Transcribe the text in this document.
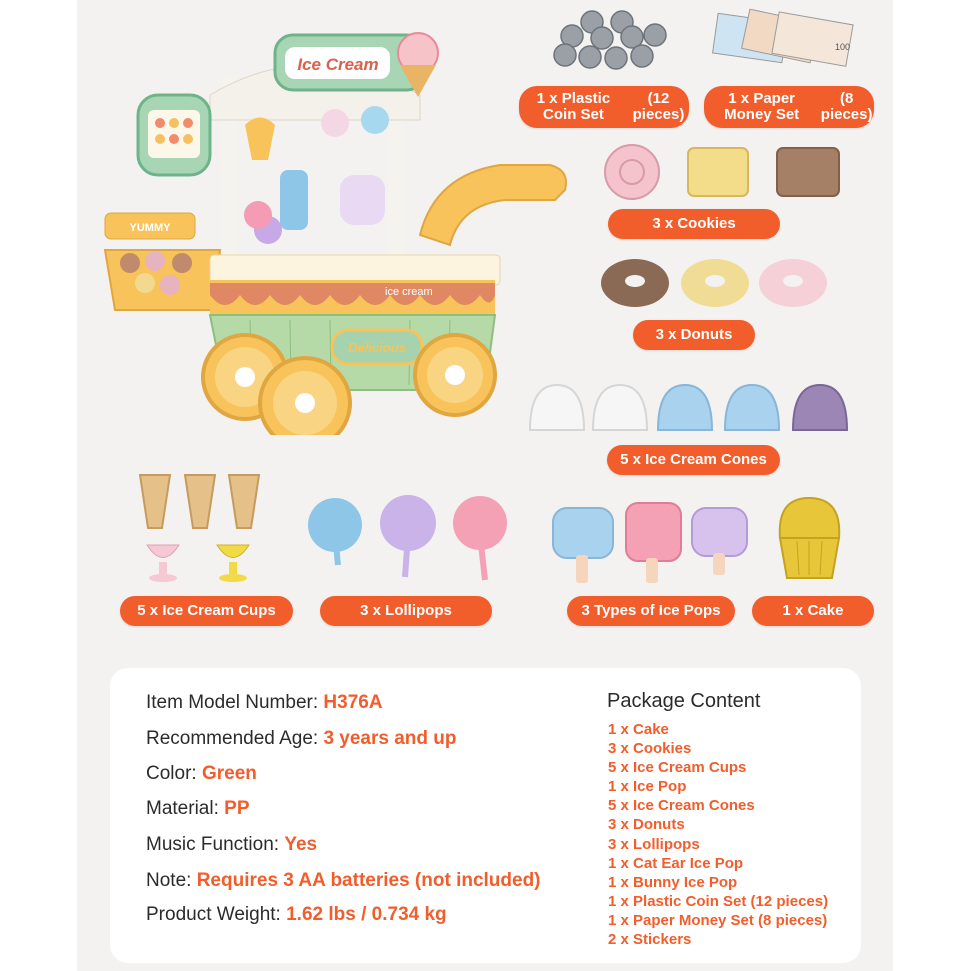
Ice Cream
YUMMY
ice cream
Delicious
1 x Plastic Coin Set
(12 pieces)
100
1 x Paper Money Set
(8 pieces)
3 x Cookies
3 x Donuts
5 x Ice Cream Cones
5 x Ice Cream Cups	3 x Lollipops	3 Types of Ice Pops	1 x Cake
Item Model Number: H376A
Recommended Age: 3 years and up
Color: Green
Material: PP
Music Function: Yes
Note: Requires 3 AA batteries (not included)
Product Weight: 1.62 lbs / 0.734 kg
Package Content
1 x Cake
3 x Cookies
5 x Ice Cream Cups
1 x Ice Pop
5 x Ice Cream Cones
3 x Donuts
3 x Lollipops
1 x Cat Ear Ice Pop
1 x Bunny Ice Pop
1 x Plastic Coin Set (12 pieces)
1 x Paper Money Set (8 pieces)
2 x Stickers
